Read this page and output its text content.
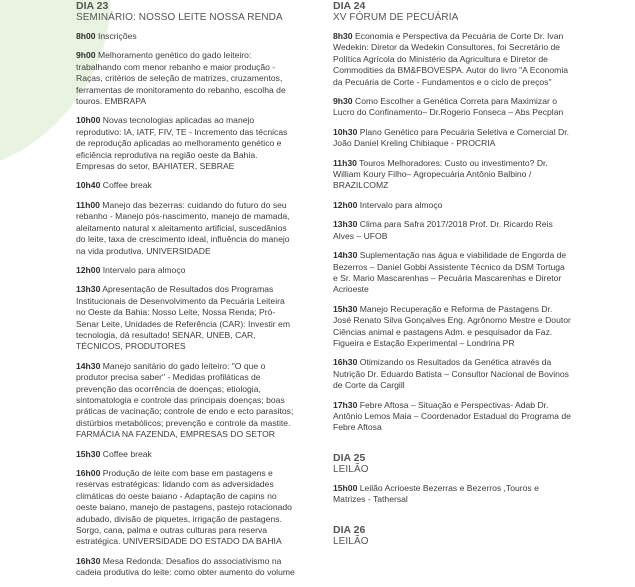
DIA 23

SEMINÁRIO: NOSSO LEITE NOSSA RENDA

8h00 Inscrições

9h00 Melhoramento genético do gado leiteiro: trabalhando com menor rebanho e maior produção - Raças, critérios de seleção de matrizes, cruzamentos, ferramentas de monitoramento do rebanho, escolha de touros. EMBRAPA

10h00 Novas tecnologias aplicadas ao manejo reprodutivo: IA, IATF, FIV, TE - Incremento das técnicas de reprodução aplicadas ao melhoramento genético e eficiência reprodutiva na região oeste da Bahia. Empresas do setor, BAHIATER, SEBRAE

10h40 Coffee break

11h00 Manejo das bezerras: cuidando do futuro do seu rebanho - Manejo pós-nascimento, manejo de mamada, aleitamento natural x aleitamento artificial, suscedânios do leite, taxa de crescimento ideal, influência do manejo na vida produtiva. UNIVERSIDADE

12h00 Intervalo para almoço

13h30 Apresentação de Resultados dos Programas Institucionais de Desenvolvimento da Pecuária Leiteira no Oeste da Bahia: Nosso Leite, Nossa Renda; Pró-Senar Leite, Unidades de Referência (CAR): Investir em tecnologia, dá resultado! SENAR, UNEB, CAR, TÉCNICOS, PRODUTORES

14h30 Manejo sanitário do gado leiteiro: "O que o produtor precisa saber" - Medidas profiláticas de prevenção das ocorrência de doenças; etiologia, sintomatologia e controle das principais doenças; boas práticas de vacinação; controle de endo e ecto parasitos; distúrbios metabólicos; prevenção e controle da mastite. FARMÁCIA NA FAZENDA, EMPRESAS DO SETOR

15h30 Coffee break

16h00 Produção de leite com base em pastagens e reservas estratégicas: lidando com as adversidades climáticas do oeste baiano - Adaptação de capins no oeste baiano, manejo de pastagens, pastejo rotacionado adubado, divisão de piquetes, irrigação de pastagens. Sorgo, cana, palma e outras culturas para reserva estratégica. UNIVERSIDADE DO ESTADO DA BAHIA

16h30 Mesa Redonda: Desafios do associativismo na cadeia produtiva do leite: como obter aumento do volume

DIA 24

XV FÓRUM DE PECUÁRIA

8h30 Economia e Perspectiva da Pecuária de Corte Dr. Ivan Wedekin: Diretor da Wedekin Consultores, foi Secretário de Política Agrícola do Ministério da Agricultura e Diretor de Commodities da BM&FBOVESPA. Autor do livro "A Economia da Pecuária de Corte - Fundamentos e o ciclo de preços"

9h30 Como Escolher a Genética Correta para Maximizar o Lucro do Confinamento– Dr.Rogerio Fonseca – Abs Pecplan

10h30 Plano Genético para Pecuária Seletiva e Comercial Dr. João Daniel Kreling Chibiaque - PROCRIA

11h30 Touros Melhoradores: Custo ou investimento? Dr. William Koury Filho– Agropecuária Antônio Balbino / BRAZILCOMZ

12h00 Intervalo para almoço

13h30 Clima para Safra 2017/2018 Prof. Dr. Ricardo Reis Alves – UFOB

14h30 Suplementação nas água e viabilidade de Engorda de Bezerros – Daniel Gobbi Assistente Técnico da DSM Tortuga e Sr. Mario Mascarenhas – Pecuária Mascarenhas e Diretor Acrioeste

15h30 Manejo Recuperação e Reforma de Pastagens Dr. José Renato Silva Gonçalves Eng. Agrônomo Mestre e Doutor Ciências animal e pastagens Adm. e pesquisador da Faz. Figueira e Estação Experimental – Londrina PR

16h30 Otimizando os Resultados da Genética através da Nutrição Dr. Eduardo Batista – Consultor Nacional de Bovinos de Corte da Cargill

17h30 Febre Aftosa – Situação e Perspectivas- Adab Dr. Antônio Lemos Maia – Coordenador Estadual do Programa de Febre Aftosa

DIA 25

LEILÃO

15h00 Leilão Acrioeste Bezerras e Bezerros ,Touros e Matrizes - Tathersal

DIA 26

LEILÃO
